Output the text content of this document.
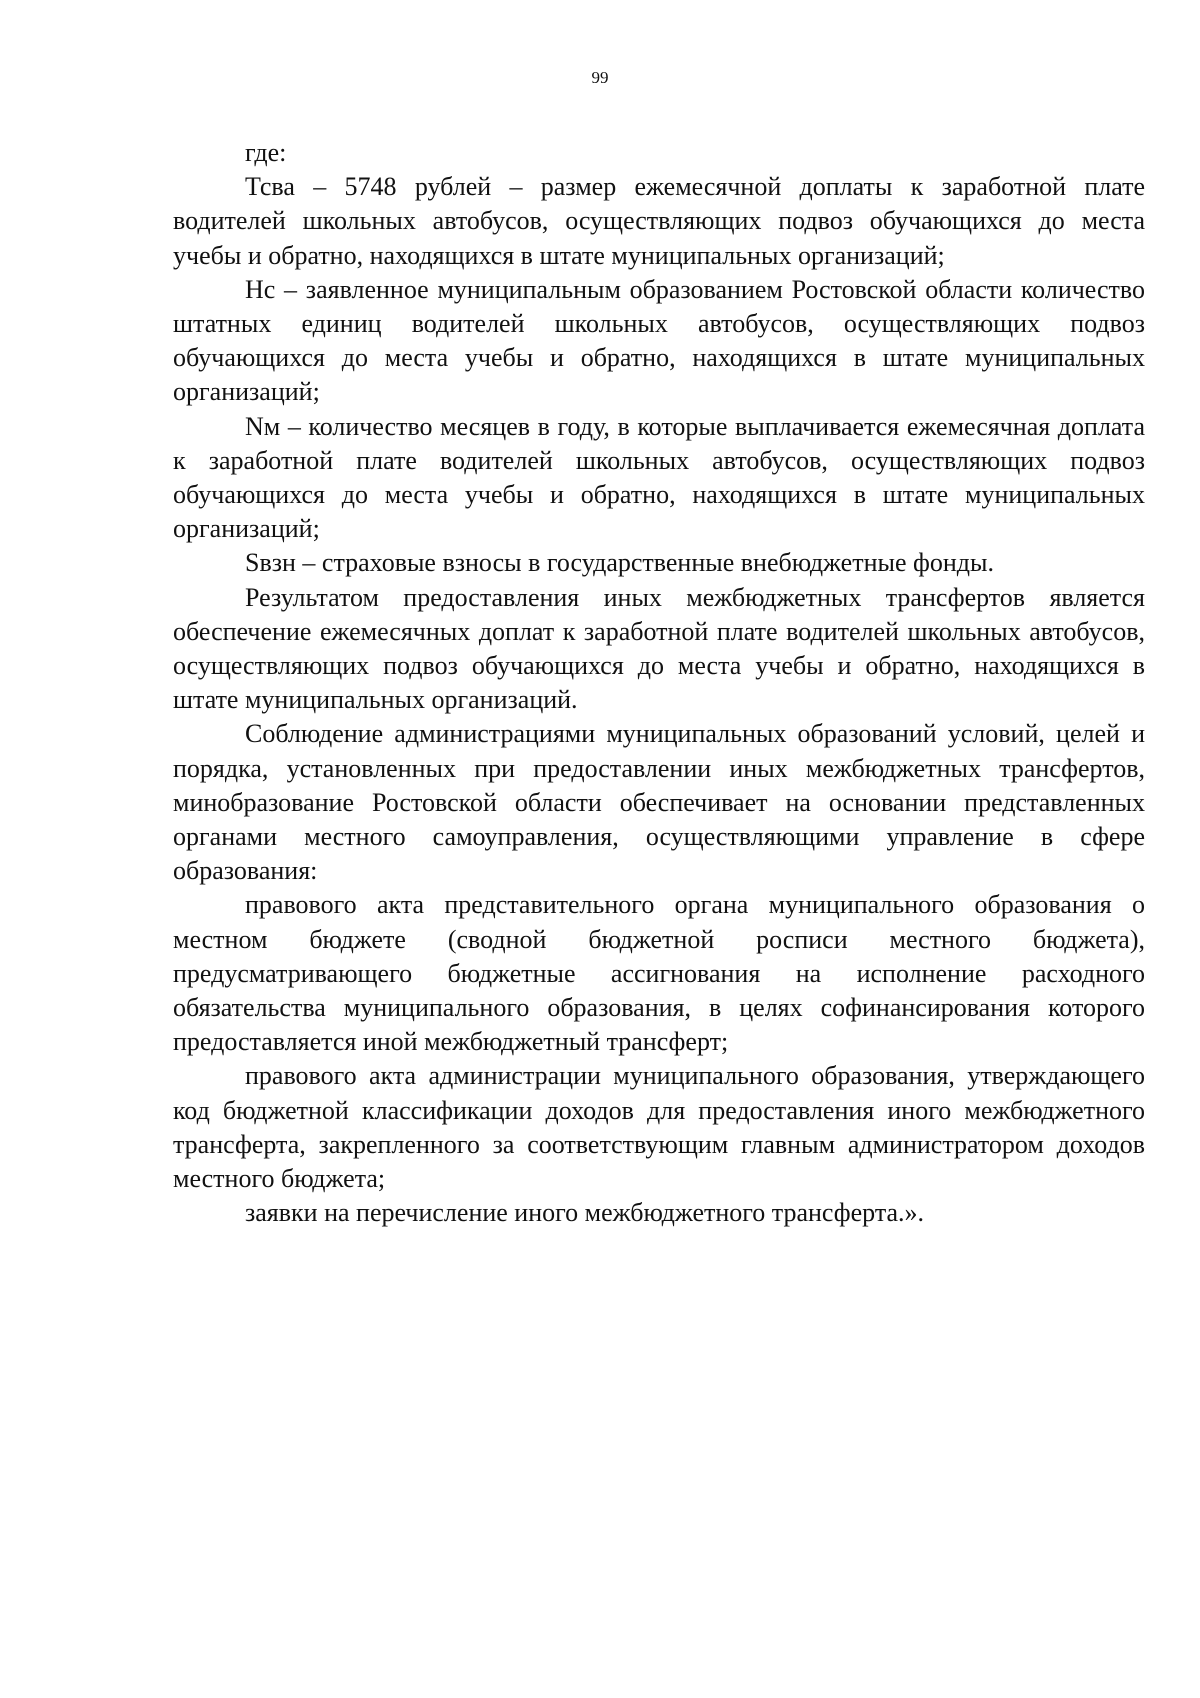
99

где:

Тсва – 5748 рублей – размер ежемесячной доплаты к заработной плате водителей школьных автобусов, осуществляющих подвоз обучающихся до места учебы и обратно, находящихся в штате муниципальных организаций;

Нс – заявленное муниципальным образованием Ростовской области количество штатных единиц водителей школьных автобусов, осуществляющих подвоз обучающихся до места учебы и обратно, находящихся в штате муниципальных организаций;

Nм – количество месяцев в году, в которые выплачивается ежемесячная доплата к заработной плате водителей школьных автобусов, осуществляющих подвоз обучающихся до места учебы и обратно, находящихся в штате муниципальных организаций;

Sвзн – страховые взносы в государственные внебюджетные фонды.

Результатом предоставления иных межбюджетных трансфертов является обеспечение ежемесячных доплат к заработной плате водителей школьных автобусов, осуществляющих подвоз обучающихся до места учебы и обратно, находящихся в штате муниципальных организаций.

Соблюдение администрациями муниципальных образований условий, целей и порядка, установленных при предоставлении иных межбюджетных трансфертов, минобразование Ростовской области обеспечивает на основании представленных органами местного самоуправления, осуществляющими управление в сфере образования:

правового акта представительного органа муниципального образования о местном бюджете (сводной бюджетной росписи местного бюджета), предусматривающего бюджетные ассигнования на исполнение расходного обязательства муниципального образования, в целях софинансирования которого предоставляется иной межбюджетный трансферт;

правового акта администрации муниципального образования, утверждающего код бюджетной классификации доходов для предоставления иного межбюджетного трансферта, закрепленного за соответствующим главным администратором доходов местного бюджета;

заявки на перечисление иного межбюджетного трансферта.».
